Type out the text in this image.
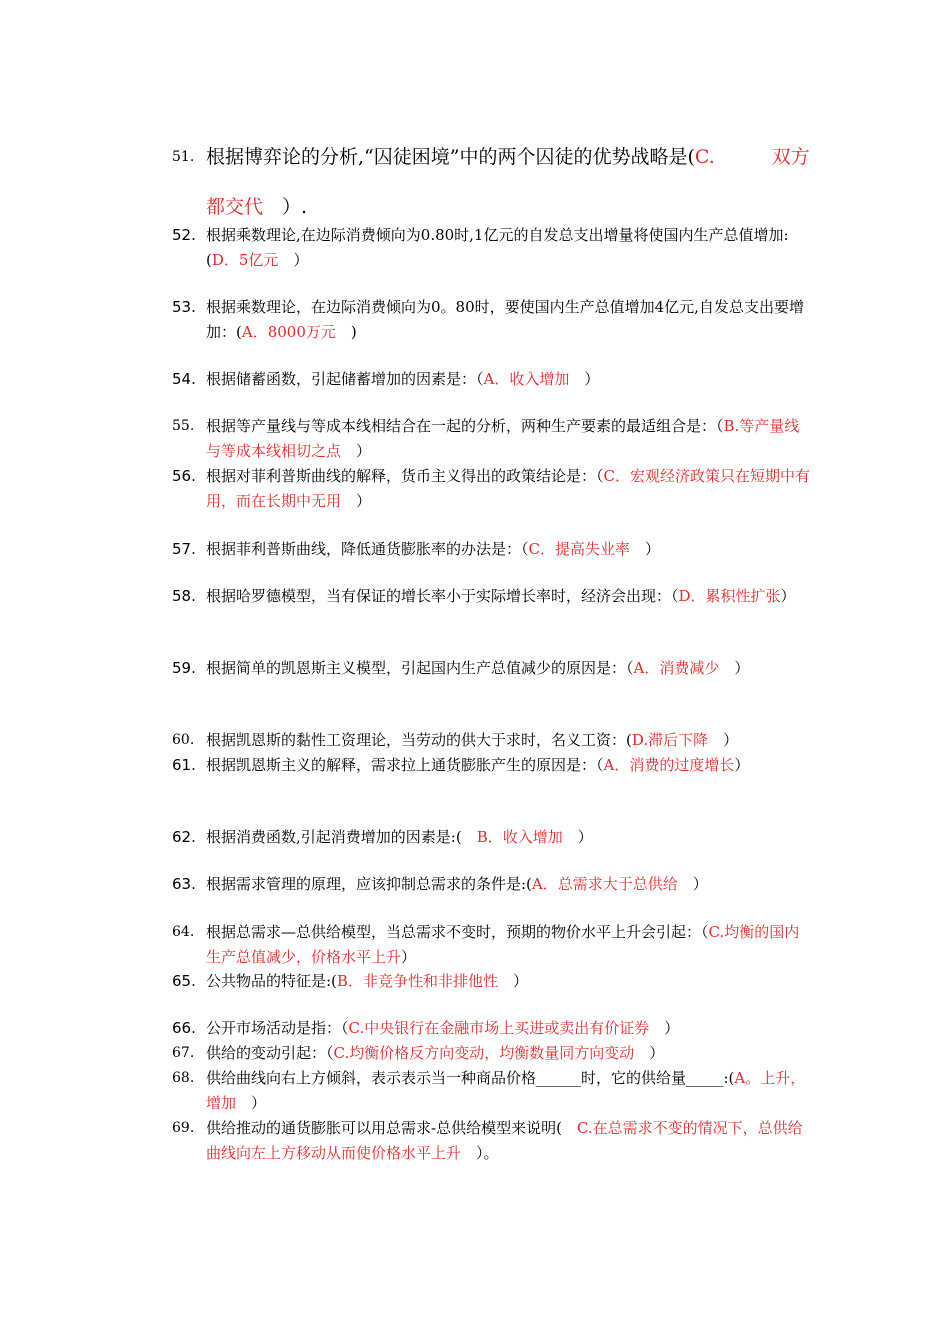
51. 根据博弈论的分析,“囚徒困境”中的两个囚徒的优势战略是(C.　　　双方都交代　）.
52. 根据乘数理论,在边际消费倾向为0.80时,1亿元的自发总支出增量将使国内生产总值增加:(D．5亿元　）
53. 根据乘数理论，在边际消费倾向为0。80时，要使国内生产总值增加4亿元,自发总支出要增加：(A．8000万元　)
54. 根据储蓄函数，引起储蓄增加的因素是：（A．收入增加　）
55. 根据等产量线与等成本线相结合在一起的分析，两种生产要素的最适组合是：（B.等产量线与等成本线相切之点　）
56. 根据对菲利普斯曲线的解释，货币主义得出的政策结论是：（C．宏观经济政策只在短期中有用，而在长期中无用　）
57. 根据菲利普斯曲线，降低通货膨胀率的办法是：（C．提高失业率　）
58. 根据哈罗德模型，当有保证的增长率小于实际增长率时，经济会出现：（D．累积性扩张）
59. 根据简单的凯恩斯主义模型，引起国内生产总值减少的原因是：（A．消费减少　）
60. 根据凯恩斯的黏性工资理论，当劳动的供大于求时，名义工资：(D.滞后下降　）
61. 根据凯恩斯主义的解释，需求拉上通货膨胀产生的原因是：（A．消费的过度增长）
62. 根据消费函数,引起消费增加的因素是:(　B．收入增加　）
63. 根据需求管理的原理，应该抑制总需求的条件是:(A．总需求大于总供给　）
64. 根据总需求—总供给模型，当总需求不变时，预期的物价水平上升会引起：（C.均衡的国内生产总值减少，价格水平上升）
65. 公共物品的特征是:(B．非竞争性和非排他性　）
66. 公开市场活动是指：（C.中央银行在金融市场上买进或卖出有价证券　）
67. 供给的变动引起：（C.均衡价格反方向变动，均衡数量同方向变动　）
68. 供给曲线向右上方倾斜，表示表示当一种商品价格______时，它的供给量_____:(A。上升，增加　）
69. 供给推动的通货膨胀可以用总需求-总供给模型来说明(　C.在总需求不变的情况下，总供给曲线向左上方移动从而使价格水平上升　）。
